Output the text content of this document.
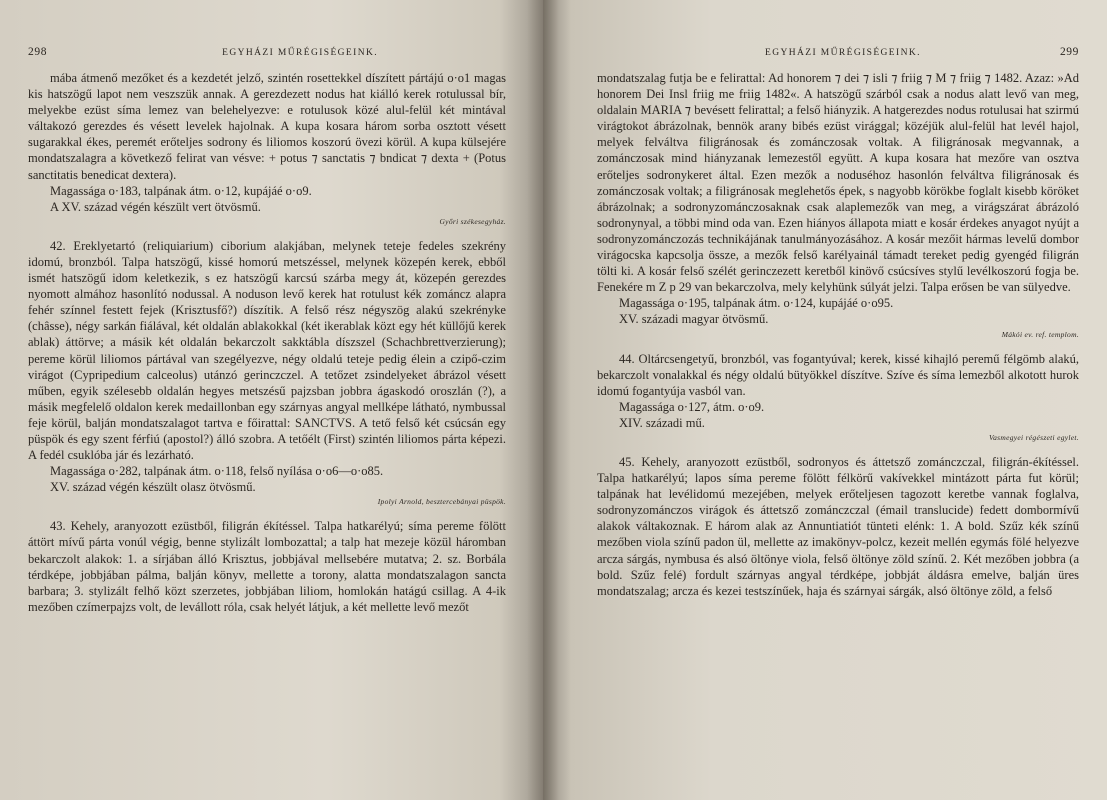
298	EGYHÁZI MŰRÉGISÉGEINK.

mába átmenő mezőket és a kezdetét jelző, szintén rosettekkel díszített pártájú o·o1 magas kis hatszögű lapot nem veszszük annak. A gerezdezett nodus hat kiálló kerek rotulussal bír, melyekbe ezüst síma lemez van belehelyezve: e rotulusok közé alul-felül két mintával váltakozó gerezdes és vésett levelek hajolnak. A kupa kosara három sorba osztott vésett sugarakkal ékes, peremét erőteljes sodrony és liliomos koszorú övezi körül. A kupa külsejére mondatszalagra a következő felirat van vésve: + potus ⁊ sanctatis ⁊ bndicat ⁊ dexta + (Potus sanctitatis benedicat dextera).

Magassága o·183, talpának átm. o·12, kupájáé o·o9.

A XV. század végén készült vert ötvösmű.

Győri székesegyház.

42. Ereklyetartó (reliquiarium) ciborium alakjában, melynek teteje fedeles szekrény idomú, bronzból. Talpa hatszögű, kissé homorú metszéssel, melynek közepén kerek, ebből ismét hatszögű idom keletkezik, s ez hatszögű karcsú szárba megy át, közepén gerezdes nyomott almához hasonlító nodussal. A noduson levő kerek hat rotulust kék zománcz alapra fehér színnel festett fejek (Krisztusfő?) díszítik. A felső rész négyszög alakú szekrényke (châsse), négy sarkán fiálával, két oldalán ablakokkal (két ikerablak közt egy hét küllőjű kerek ablak) áttörve; a másik két oldalán bekarczolt sakktábla díszszel (Schachbrettverzierung); pereme körül liliomos pártával van szegélyezve, négy oldalú teteje pedig élein a czipő-czim virágot (Cypripedium calceolus) utánzó gerinczczel. A tetőzet zsindelyeket ábrázol vésett műben, egyik szélesebb oldalán hegyes metszésű pajzsban jobbra ágaskodó oroszlán (?), a másik megfelelő oldalon kerek medaillonban egy szárnyas angyal mellképe látható, nymbussal feje körül, balján mondatszalagot tartva e főirattal: SANCTVS. A tető felső két csúcsán egy püspök és egy szent férfiú (apostol?) álló szobra. A tetőélt (First) szintén liliomos párta képezi. A fedél csuklóba jár és lezárható.

Magassága o·282, talpának átm. o·118, felső nyílása o·o6—o·o85.

XV. század végén készült olasz ötvösmű.

Ipolyi Arnold, besztercebányai püspök.

43. Kehely, aranyozott ezüstből, filigrán ékítéssel. Talpa hatkarélyú; síma pereme fölött áttört mívű párta vonúl végig, benne stylizált lombozattal; a talp hat mezeje közül háromban bekarczolt alakok: 1. a sírjában álló Krisztus, jobbjával mellsebére mutatva; 2. sz. Borbála térdképe, jobbjában pálma, balján könyv, mellette a torony, alatta mondatszalagon sancta barbara; 3. stylizált felhő közt szerzetes, jobbjában liliom, homlokán hatágú csillag. A 4-ik mezőben czímerpajzs volt, de levállott róla, csak helyét látjuk, a két mellette levő mezőt

EGYHÁZI MŰRÉGISÉGEINK.	299

mondatszalag futja be e felirattal: Ad honorem ⁊ dei ⁊ isli ⁊ friig ⁊ M ⁊ friig ⁊ 1482. Azaz: »Ad honorem Dei Insl friig me friig 1482«. A hatszögű szárból csak a nodus alatt levő van meg, oldalain MARIA ⁊ bevésett felirattal; a felső hiányzik. A hatgerezdes nodus rotulusai hat szirmú virágtokot ábrázolnak, bennök arany bibés ezüst virággal; közéjük alul-felül hat levél hajol, melyek felváltva filigránosak és zománczosak voltak. A filigránosak megvannak, a zománczosak mind hiányzanak lemezestől együtt. A kupa kosara hat mezőre van osztva erőteljes sodronykeret által. Ezen mezők a noduséhoz hasonlón felváltva filigránosak és zománczosak voltak; a filigránosak meglehetős épek, s nagyobb körökbe foglalt kisebb köröket ábrázolnak; a sodronyzománczosaknak csak alaplemezők van meg, a virágszárat ábrázoló sodronynyal, a többi mind oda van. Ezen hiányos állapota miatt e kosár érdekes anyagot nyújt a sodronyzománczozás technikájának tanulmányozásához. A kosár mezőit hármas levelű dombor virágocska kapcsolja össze, a mezők felső karélyainál támadt tereket pedig gyengéd filigrán tölti ki. A kosár felső szélét gerinczezett keretből kinövő csúcsíves stylű levélkoszorú fogja be. Fenekére m Z p 29 van bekarczolva, mely kelyhünk súlyát jelzi. Talpa erősen be van sülyedve.

Magassága o·195, talpának átm. o·124, kupájáé o·o95.

XV. századi magyar ötvösmű.

Mákói ev. ref. templom.

44. Oltárcsengetyű, bronzból, vas fogantyúval; kerek, kissé kihajló peremű félgömb alakú, bekarczolt vonalakkal és négy oldalú bütyökkel díszítve. Szíve és síma lemezből alkotott hurok idomú fogantyúja vasból van.

Magassága o·127, átm. o·o9.

XIV. századi mű.

Vasmegyei régészeti egylet.

45. Kehely, aranyozott ezüstből, sodronyos és áttetsző zománczczal, filigrán-ékítéssel. Talpa hatkarélyú; lapos síma pereme fölött félkörű vakívekkel mintázott párta fut körül; talpának hat levélidomú mezejében, melyek erőteljesen tagozott keretbe vannak foglalva, sodronyzománczos virágok és áttetsző zománczczal (émail translucide) fedett dombormívű alakok váltakoznak. E három alak az Annuntiatiót tünteti elénk: 1. A bold. Szűz kék színű mezőben viola színű padon ül, mellette az imakönyv-polcz, kezeit mellén egymás fölé helyezve arcza sárgás, nymbusa és alsó öltönye viola, felső öltönye zöld színű. 2. Két mezőben jobbra (a bold. Szűz felé) fordult szárnyas angyal térdképe, jobbját áldásra emelve, balján üres mondatszalag; arcza és kezei testszínűek, haja és szárnyai sárgák, alsó öltönye zöld, a felső
